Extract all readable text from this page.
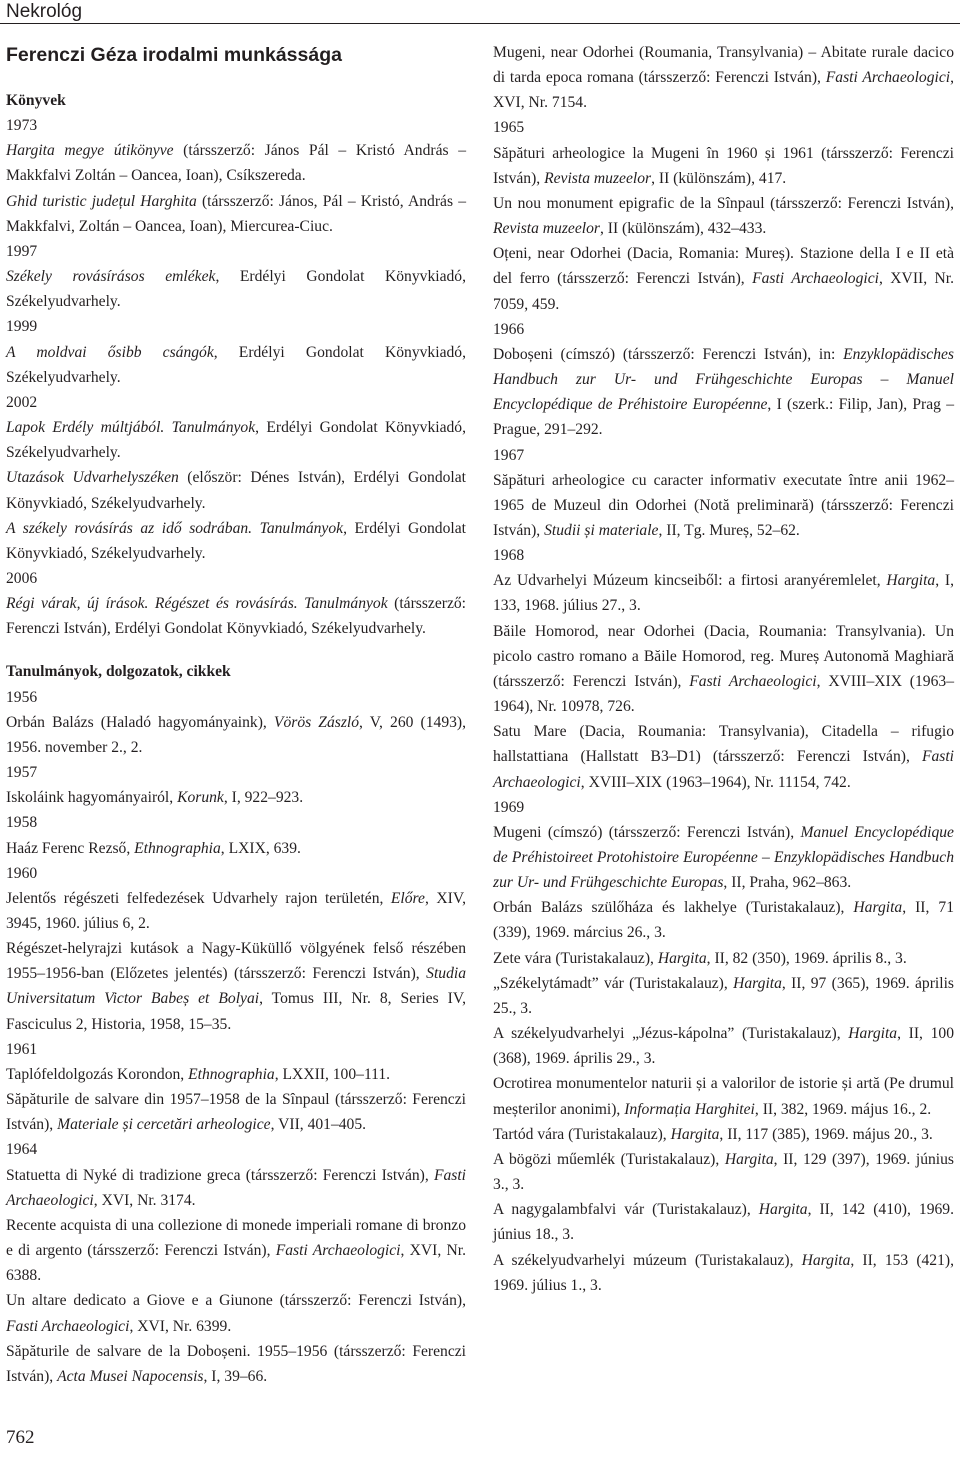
Nekrológ
Ferenczi Géza irodalmi munkássága
Könyvek
1973
Hargita megye útikönyve (társszerző: János Pál – Kristó András – Makkfalvi Zoltán – Oancea, Ioan), Csíkszereda.
Ghid turistic județul Harghita (társszerző: János, Pál – Kristó, András – Makkfalvi, Zoltán – Oancea, Ioan), Miercurea-Ciuc.
1997
Székely rovásírásos emlékek, Erdélyi Gondolat Könyvkiadó, Székelyudvarhely.
1999
A moldvai ősibb csángók, Erdélyi Gondolat Könyvkiadó, Székelyudvarhely.
2002
Lapok Erdély múltjából. Tanulmányok, Erdélyi Gondolat Könyvkiadó, Székelyudvarhely.
Utazások Udvarhelyszéken (először: Dénes István), Erdélyi Gondolat Könyvkiadó, Székelyudvarhely.
A székely rovásírás az idő sodrában. Tanulmányok, Erdélyi Gondolat Könyvkiadó, Székelyudvarhely.
2006
Régi várak, új írások. Régészet és rovásírás. Tanulmányok (társszerző: Ferenczi István), Erdélyi Gondolat Könyvkiadó, Székelyudvarhely.
Tanulmányok, dolgozatok, cikkek
1956
Orbán Balázs (Haladó hagyományaink), Vörös Zászló, V, 260 (1493), 1956. november 2., 2.
1957
Iskoláink hagyományairól, Korunk, I, 922–923.
1958
Haáz Ferenc Rezső, Ethnographia, LXIX, 639.
1960
Jelentős régészeti felfedezések Udvarhely rajon területén, Előre, XIV, 3945, 1960. július 6, 2.
Régészet-helyrajzi kutások a Nagy-Küküllő völgyének felső részében 1955–1956-ban (Előzetes jelentés) (társszerző: Ferenczi István), Studia Universitatum Victor Babeș et Bolyai, Tomus III, Nr. 8, Series IV, Fasciculus 2, Historia, 1958, 15–35.
1961
Taplófeldolgozás Korondon, Ethnographia, LXXII, 100–111.
Săpăturile de salvare din 1957–1958 de la Sînpaul (társszerző: Ferenczi István), Materiale și cercetări arheologice, VII, 401–405.
1964
Statuetta di Nyké di tradizione greca (társszerző: Ferenczi István), Fasti Archaeologici, XVI, Nr. 3174.
Recente acquista di una collezione di monede imperiali romane di bronzo e di argento (társszerző: Ferenczi István), Fasti Archaeologici, XVI, Nr. 6388.
Un altare dedicato a Giove e a Giunone (társszerző: Ferenczi István), Fasti Archaeologici, XVI, Nr. 6399.
Săpăturile de salvare de la Doboșeni. 1955–1956 (társszerző: Ferenczi István), Acta Musei Napocensis, I, 39–66.
Mugeni, near Odorhei (Roumania, Transylvania) – Abitate rurale dacico di tarda epoca romana (társszerző: Ferenczi István), Fasti Archaeologici, XVI, Nr. 7154.
1965
Săpături arheologice la Mugeni în 1960 și 1961 (társszerző: Ferenczi István), Revista muzeelor, II (különszám), 417.
Un nou monument epigrafic de la Sînpaul (társszerző: Ferenczi István), Revista muzeelor, II (különszám), 432–433.
Oțeni, near Odorhei (Dacia, Romania: Mureș). Stazione della I e II età del ferro (társszerző: Ferenczi István), Fasti Archaeologici, XVII, Nr. 7059, 459.
1966
Doboșeni (címszó) (társszerző: Ferenczi István), in: Enzyklopädisches Handbuch zur Ur- und Frühgeschichte Europas – Manuel Encyclopédique de Préhistoire Européenne, I (szerk.: Filip, Jan), Prag – Prague, 291–292.
1967
Săpături arheologice cu caracter informativ executate între anii 1962–1965 de Muzeul din Odorhei (Notă preliminară) (társszerző: Ferenczi István), Studii și materiale, II, Tg. Mureș, 52–62.
1968
Az Udvarhelyi Múzeum kincseiből: a firtosi aranyéremlelet, Hargita, I, 133, 1968. július 27., 3.
Băile Homorod, near Odorhei (Dacia, Roumania: Transylvania). Un picolo castro romano a Băile Homorod, reg. Mureș Autonomă Maghiară (társszerző: Ferenczi István), Fasti Archaeologici, XVIII–XIX (1963–1964), Nr. 10978, 726.
Satu Mare (Dacia, Roumania: Transylvania), Citadella – rifugio hallstattiana (Hallstatt B3–D1) (társszerző: Ferenczi István), Fasti Archaeologici, XVIII–XIX (1963–1964), Nr. 11154, 742.
1969
Mugeni (címszó) (társszerző: Ferenczi István), Manuel Encyclopédique de Préhistoireet Protohistoire Européenne – Enzyklopädisches Handbuch zur Ur- und Frühgeschichte Europas, II, Praha, 962–863.
Orbán Balázs szülőháza és lakhelye (Turistakalauz), Hargita, II, 71 (339), 1969. március 26., 3.
Zete vára (Turistakalauz), Hargita, II, 82 (350), 1969. április 8., 3.
„Székelytámadt” vár (Turistakalauz), Hargita, II, 97 (365), 1969. április 25., 3.
A székelyudvarhelyi „Jézus-kápolna” (Turistakalauz), Hargita, II, 100 (368), 1969. április 29., 3.
Ocrotirea monumentelor naturii și a valorilor de istorie și artă (Pe drumul meșterilor anonimi), Informația Harghitei, II, 382, 1969. május 16., 2.
Tartód vára (Turistakalauz), Hargita, II, 117 (385), 1969. május 20., 3.
A bögözi műemlék (Turistakalauz), Hargita, II, 129 (397), 1969. június 3., 3.
A nagygalambfalvi vár (Turistakalauz), Hargita, II, 142 (410), 1969. június 18., 3.
A székelyudvarhelyi múzeum (Turistakalauz), Hargita, II, 153 (421), 1969. július 1., 3.
762
